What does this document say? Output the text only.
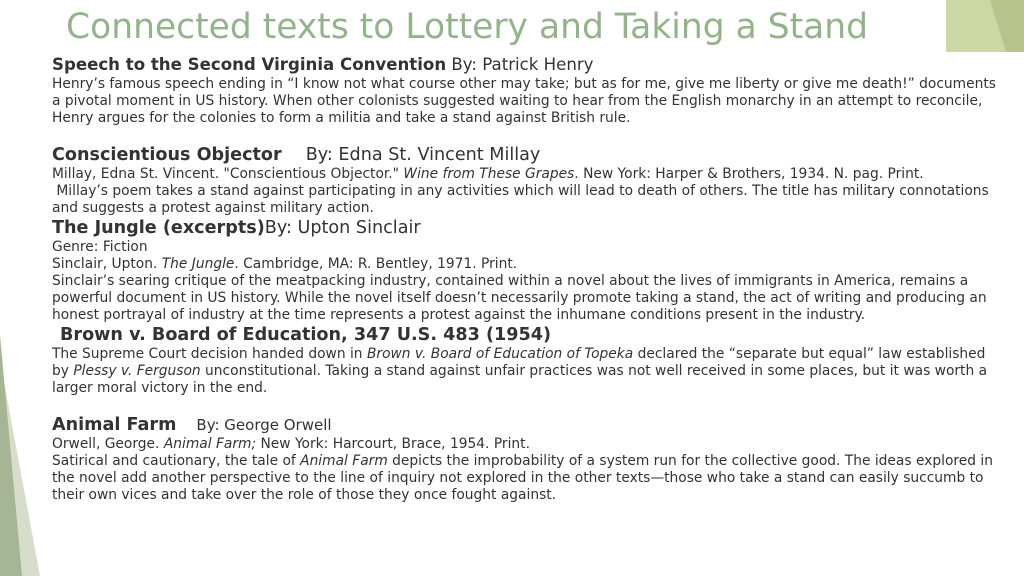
Connected texts to Lottery and Taking a Stand
Speech to the Second Virginia Convention By: Patrick Henry
Henry’s famous speech ending in “I know not what course other may take; but as for me, give me liberty or give me death!” documents a pivotal moment in US history. When other colonists suggested waiting to hear from the English monarchy in an attempt to reconcile, Henry argues for the colonies to form a militia and take a stand against British rule.
Conscientious Objector By: Edna St. Vincent Millay
Millay, Edna St. Vincent. "Conscientious Objector." Wine from These Grapes. New York: Harper & Brothers, 1934. N. pag. Print.
Millay’s poem takes a stand against participating in any activities which will lead to death of others. The title has military connotations and suggests a protest against military action.
The Jungle (excerpts)By: Upton Sinclair
Genre: Fiction
Sinclair, Upton. The Jungle. Cambridge, MA: R. Bentley, 1971. Print.
Sinclair’s searing critique of the meatpacking industry, contained within a novel about the lives of immigrants in America, remains a powerful document in US history. While the novel itself doesn’t necessarily promote taking a stand, the act of writing and producing an honest portrayal of industry at the time represents a protest against the inhumane conditions present in the industry.
Brown v. Board of Education, 347 U.S. 483 (1954)
The Supreme Court decision handed down in Brown v. Board of Education of Topeka declared the “separate but equal” law established by Plessy v. Ferguson unconstitutional. Taking a stand against unfair practices was not well received in some places, but it was worth a larger moral victory in the end.
Animal Farm By: George Orwell
Orwell, George. Animal Farm; New York: Harcourt, Brace, 1954. Print.
Satirical and cautionary, the tale of Animal Farm depicts the improbability of a system run for the collective good. The ideas explored in the novel add another perspective to the line of inquiry not explored in the other texts—those who take a stand can easily succumb to their own vices and take over the role of those they once fought against.
